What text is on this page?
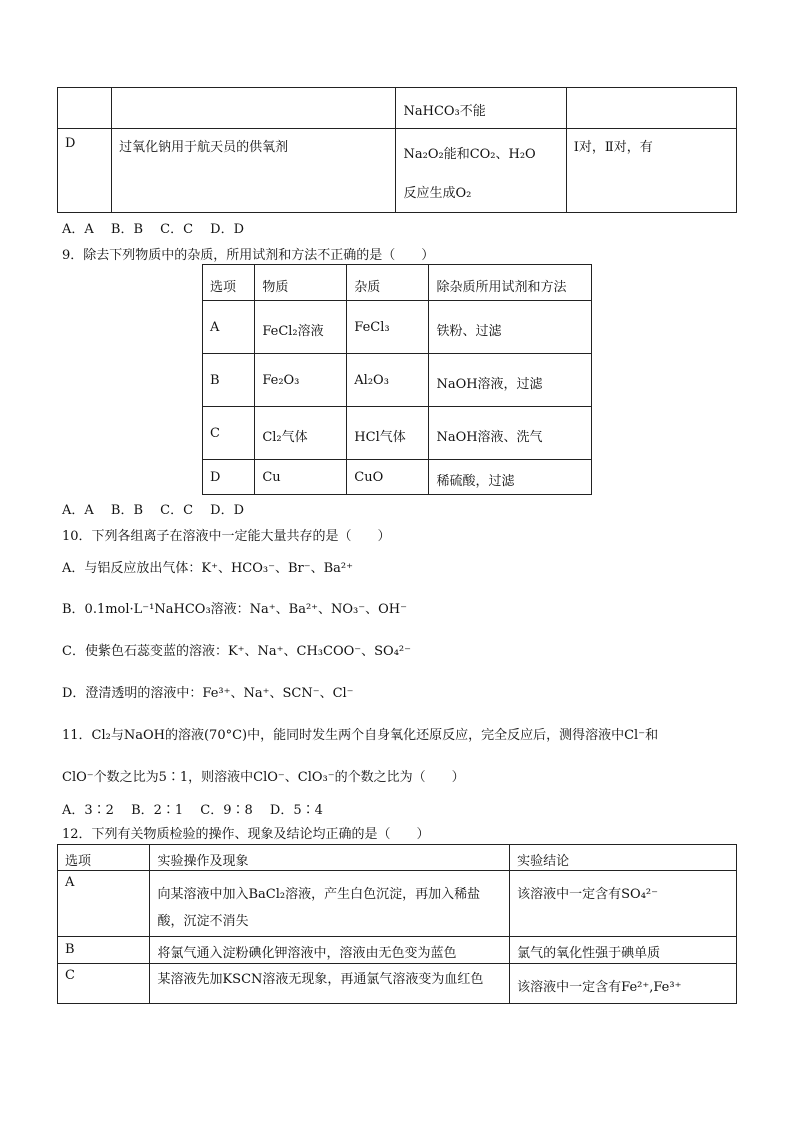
		NaHCO₃不能	

D	过氧化钠用于航天员的供氧剂	Na₂O₂能和CO₂、H₂O
反应生成O₂	Ⅰ对，Ⅱ对，有
A．A　 B．B　 C．C　 D．D
9．除去下列物质中的杂质，所用试剂和方法不正确的是（　　）
选项	物质	杂质	除杂质所用试剂和方法

A	FeCl₂溶液	FeCl₃	铁粉、过滤

B	Fe₂O₃	Al₂O₃	NaOH溶液，过滤

C	Cl₂气体	HCl气体	NaOH溶液、洗气

D	Cu	CuO	稀硫酸，过滤
A．A　 B．B　 C．C　 D．D
10．下列各组离子在溶液中一定能大量共存的是（　　）
A．与铝反应放出气体：K⁺、HCO₃⁻、Br⁻、Ba²⁺
B．0.1mol·L⁻¹NaHCO₃溶液：Na⁺、Ba²⁺、NO₃⁻、OH⁻
C．使紫色石蕊变蓝的溶液：K⁺、Na⁺、CH₃COO⁻、SO₄²⁻
D．澄清透明的溶液中：Fe³⁺、Na⁺、SCN⁻、Cl⁻
11．Cl₂与NaOH的溶液(70°C)中，能同时发生两个自身氧化还原反应，完全反应后，测得溶液中Cl⁻和
ClO⁻个数之比为5∶1，则溶液中ClO⁻、ClO₃⁻的个数之比为（　　）
A．3∶2　 B．2∶1　 C．9∶8　 D．5∶4
12．下列有关物质检验的操作、现象及结论均正确的是（　　）
选项	实验操作及现象	实验结论

A	向某溶液中加入BaCl₂溶液，产生白色沉淀，再加入稀盐
酸，沉淀不消失	该溶液中一定含有SO₄²⁻

B	将氯气通入淀粉碘化钾溶液中，溶液由无色变为蓝色	氯气的氧化性强于碘单质

C	某溶液先加KSCN溶液无现象，再通氯气溶液变为血红色	该溶液中一定含有Fe²⁺,Fe³⁺
